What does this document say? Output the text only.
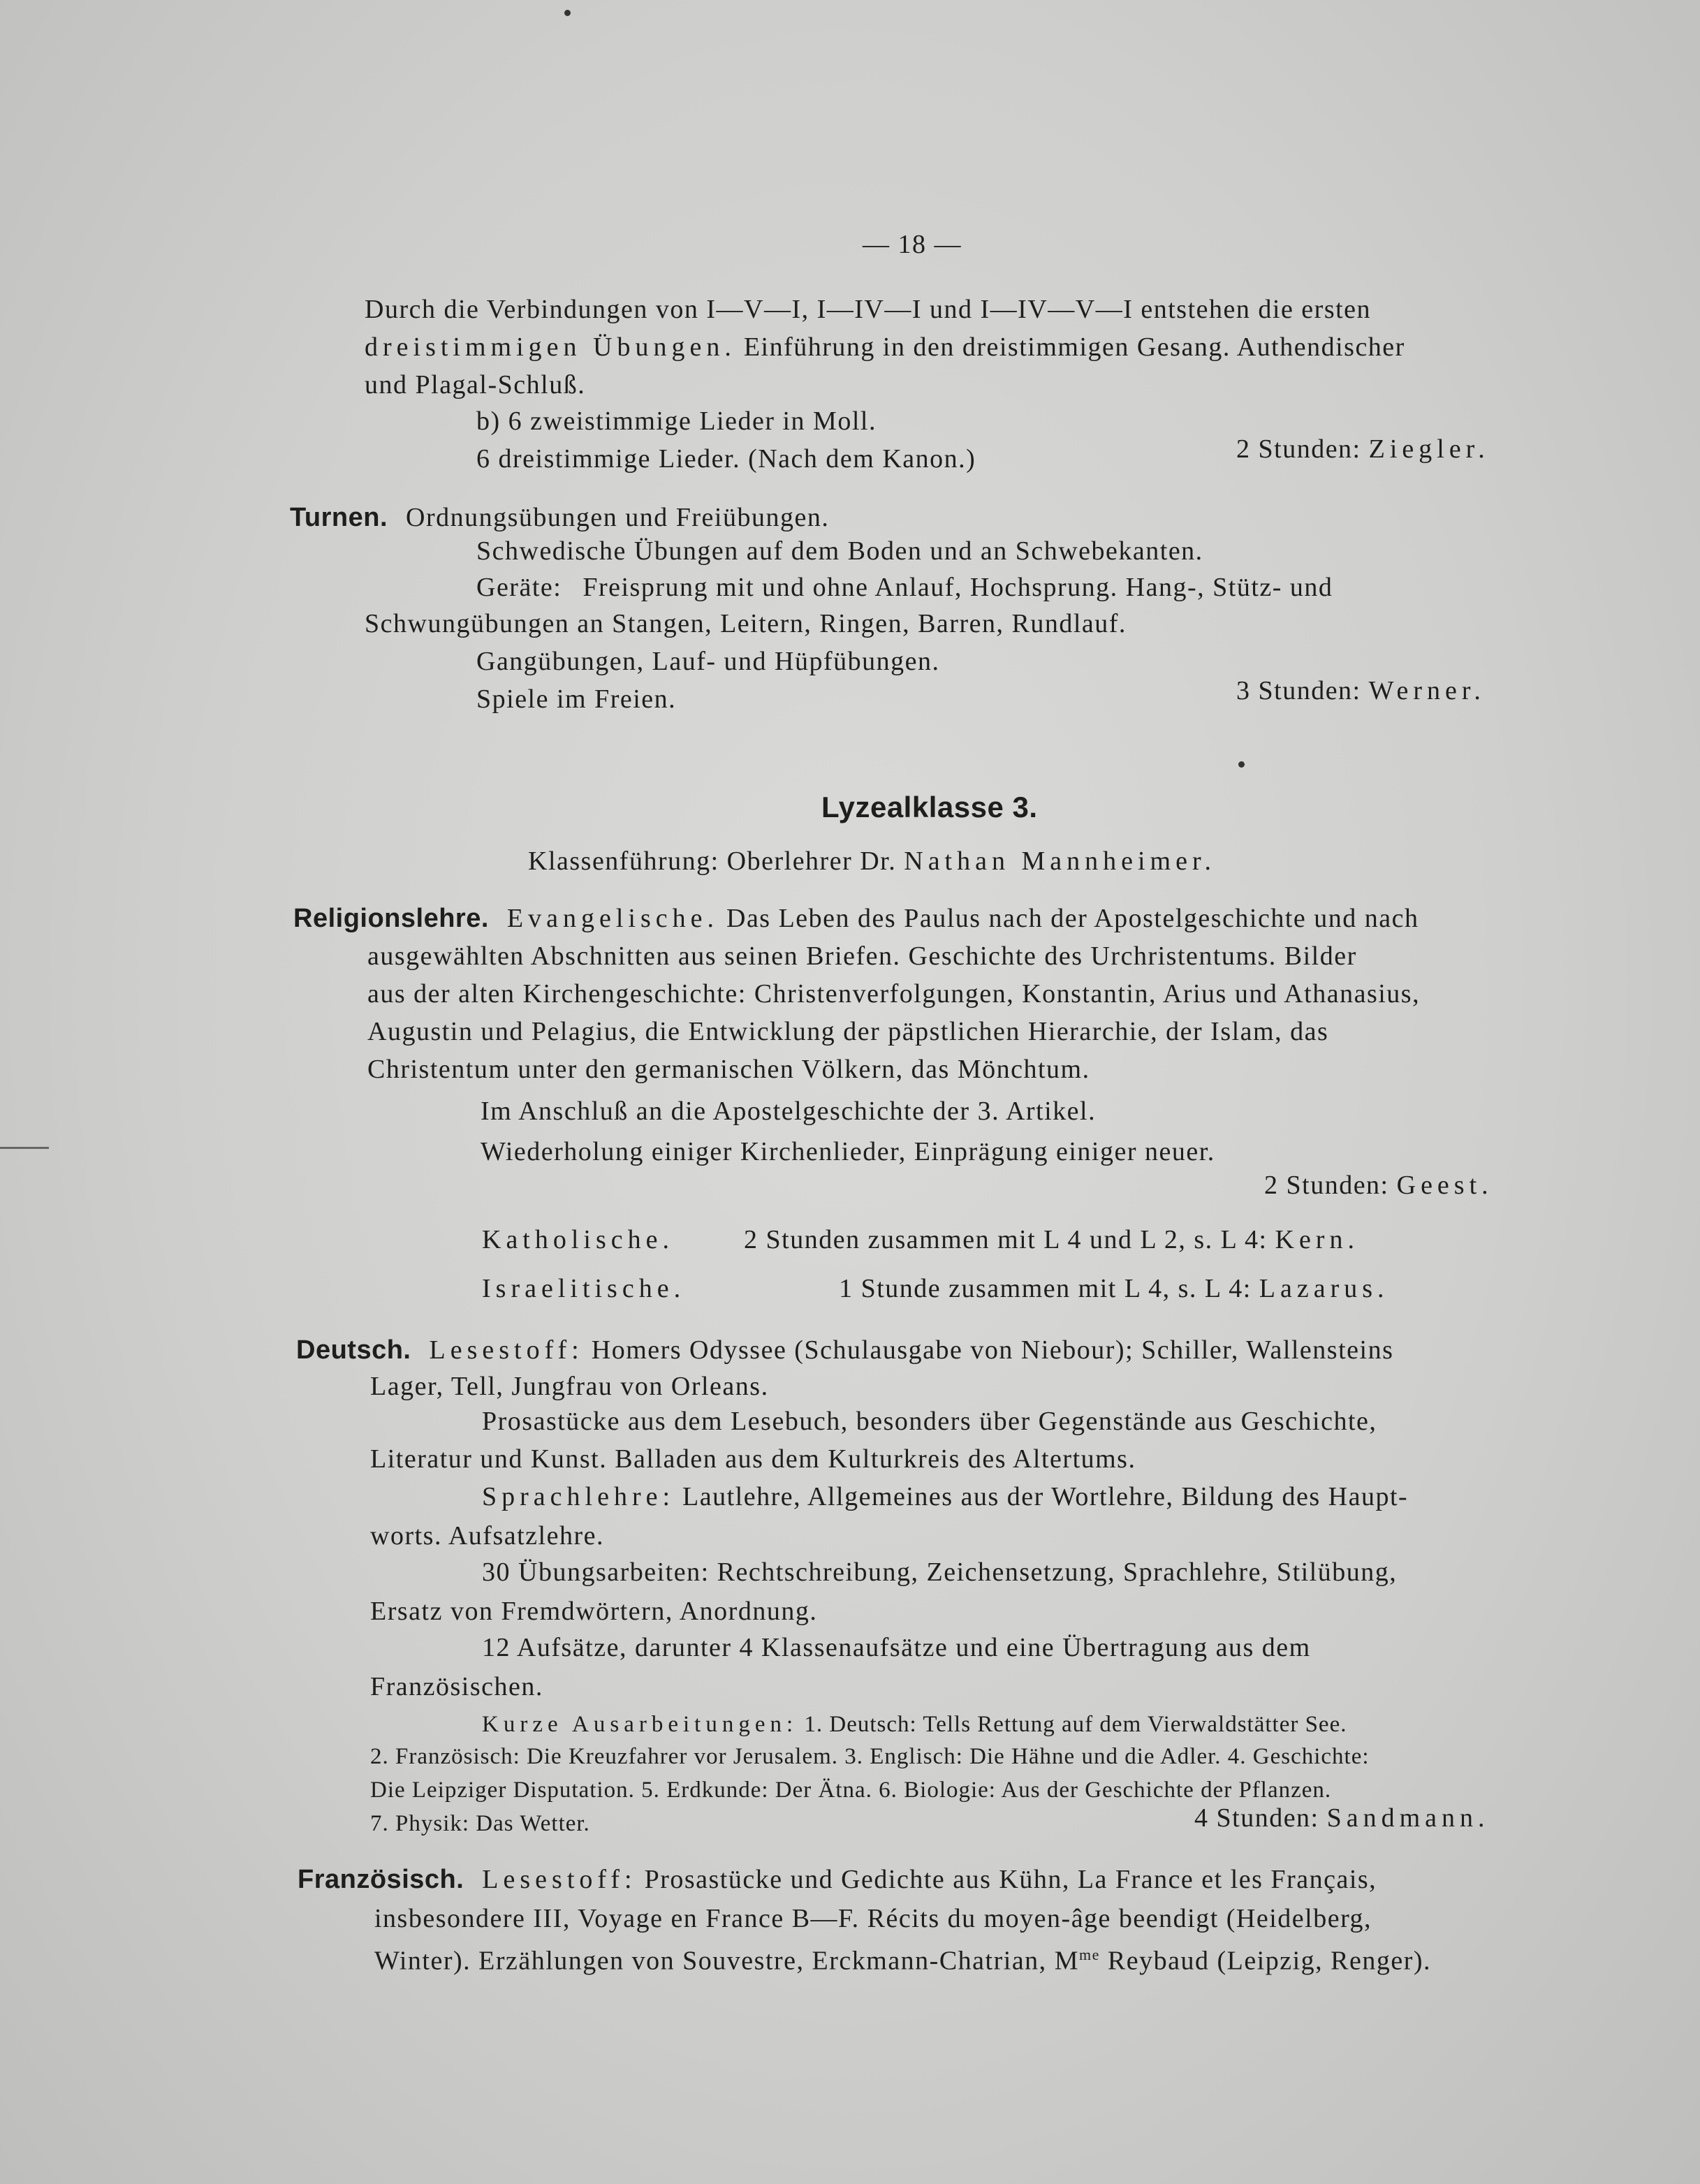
— 18 —
Durch die Verbindungen von I—V—I, I—IV—I und I—IV—V—I entstehen die ersten
dreistimmigen Übungen. Einführung in den dreistimmigen Gesang. Authendischer
und Plagal-Schluß.
b) 6 zweistimmige Lieder in Moll.
6 dreistimmige Lieder. (Nach dem Kanon.)	2 Stunden: Ziegler.
Turnen. Ordnungsübungen und Freiübungen.
Schwedische Übungen auf dem Boden und an Schwebekanten.
Geräte: Freisprung mit und ohne Anlauf, Hochsprung. Hang-, Stütz- und
Schwungübungen an Stangen, Leitern, Ringen, Barren, Rundlauf.
Gangübungen, Lauf- und Hüpfübungen.
Spiele im Freien.	3 Stunden: Werner.
Lyzealklasse 3.
Klassenführung: Oberlehrer Dr. Nathan Mannheimer.
Religionslehre. Evangelische. Das Leben des Paulus nach der Apostelgeschichte und nach
ausgewählten Abschnitten aus seinen Briefen. Geschichte des Urchristentums. Bilder
aus der alten Kirchengeschichte: Christenverfolgungen, Konstantin, Arius und Athanasius,
Augustin und Pelagius, die Entwicklung der päpstlichen Hierarchie, der Islam, das
Christentum unter den germanischen Völkern, das Mönchtum.
Im Anschluß an die Apostelgeschichte der 3. Artikel.
Wiederholung einiger Kirchenlieder, Einprägung einiger neuer.
2 Stunden: Geest.
Katholische.	2 Stunden zusammen mit L 4 und L 2, s. L 4: Kern.
Israelitische.	1 Stunde zusammen mit L 4, s. L 4: Lazarus.
Deutsch. Lesestoff: Homers Odyssee (Schulausgabe von Niebour); Schiller, Wallensteins
Lager, Tell, Jungfrau von Orleans.
Prosastücke aus dem Lesebuch, besonders über Gegenstände aus Geschichte,
Literatur und Kunst. Balladen aus dem Kulturkreis des Altertums.
Sprachlehre: Lautlehre, Allgemeines aus der Wortlehre, Bildung des Haupt-
worts. Aufsatzlehre.
30 Übungsarbeiten: Rechtschreibung, Zeichensetzung, Sprachlehre, Stilübung,
Ersatz von Fremdwörtern, Anordnung.
12 Aufsätze, darunter 4 Klassenaufsätze und eine Übertragung aus dem
Französischen.
Kurze Ausarbeitungen: 1. Deutsch: Tells Rettung auf dem Vierwaldstätter See.
2. Französisch: Die Kreuzfahrer vor Jerusalem. 3. Englisch: Die Hähne und die Adler. 4. Geschichte:
Die Leipziger Disputation. 5. Erdkunde: Der Ätna. 6. Biologie: Aus der Geschichte der Pflanzen.
7. Physik: Das Wetter.	4 Stunden: Sandmann.
Französisch. Lesestoff: Prosastücke und Gedichte aus Kühn, La France et les Français,
insbesondere III, Voyage en France B—F. Récits du moyen-âge beendigt (Heidelberg,
Winter). Erzählungen von Souvestre, Erckmann-Chatrian, $M^{me}$ Reybaud (Leipzig, Renger).
